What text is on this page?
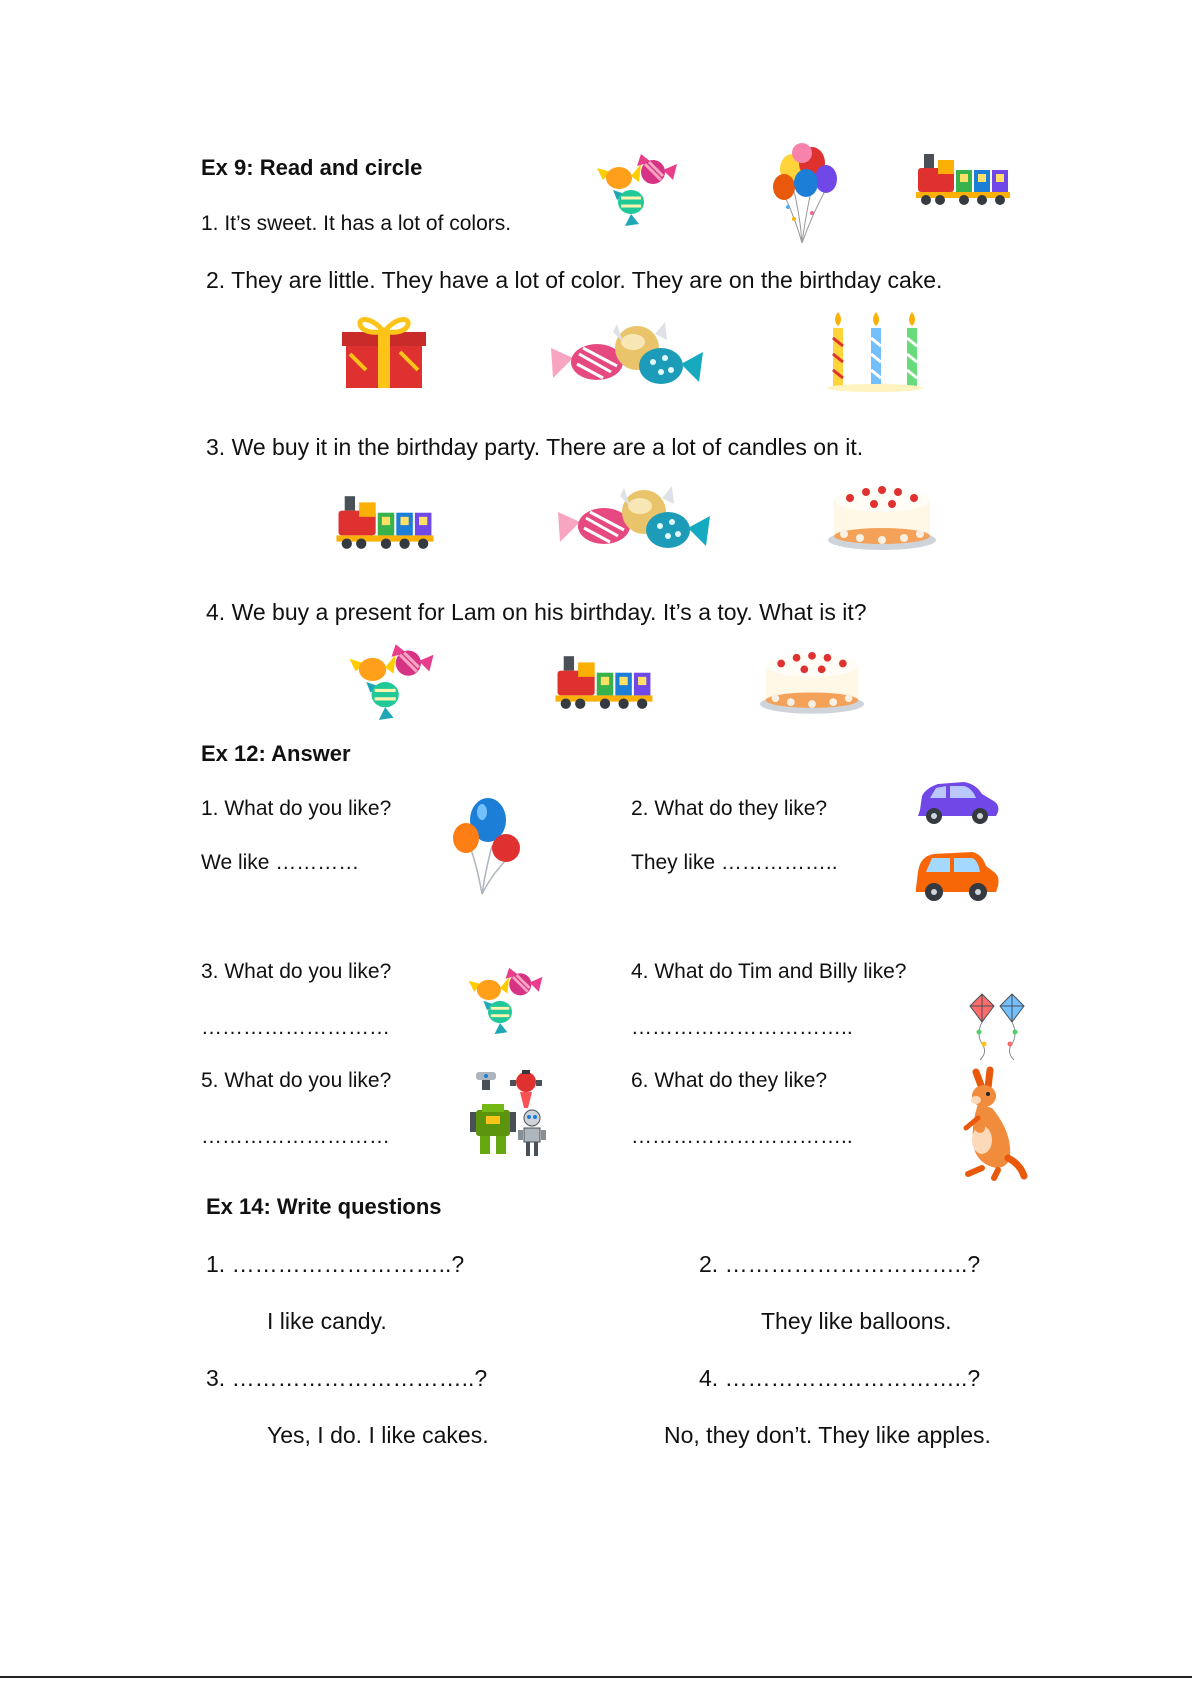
Ex 9: Read and circle
1. It’s sweet. It has a lot of colors.
2. They are little. They have a lot of color. They are on the birthday cake.
3. We buy it in the birthday party. There are a lot of candles on it.
4. We buy a present for Lam on his birthday. It’s a toy. What is it?
Ex 12: Answer
1. What do you like?
We like …………
2. What do they like?
They like ……………..
3. What do you like?
………………………
4. What do Tim and Billy like?
…………………………..
5. What do you like?
………………………
6. What do they like?
…………………………..
Ex 14: Write questions
1. ………………………..?
I like candy.
2. …………………………..?
They like balloons.
3. …………………………..?
Yes, I do. I like cakes.
4. …………………………..?
No, they don’t. They like apples.
